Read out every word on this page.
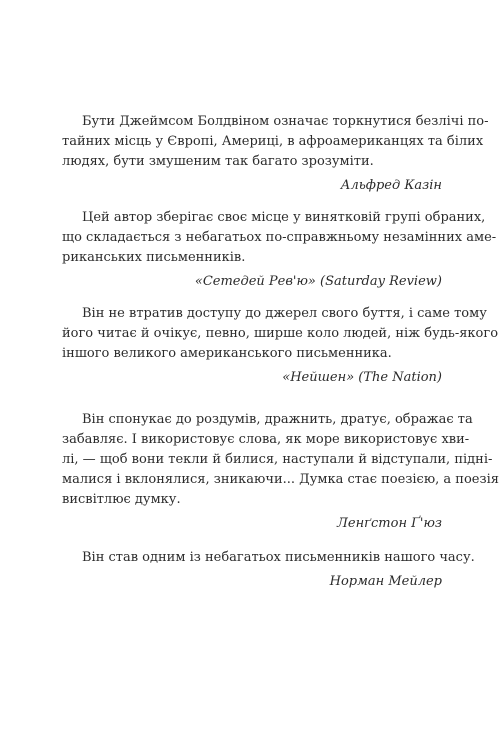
Бути Джеймсом Болдвіном означає торкнутися безлічі по-
тайних місць у Європі, Америці, в афроамериканцях та білих
людях, бути змушеним так багато зрозуміти.
Альфред Казін
Цей автор зберігає своє місце у винятковій групі обраних,
що складається з небагатьох по-справжньому незамінних аме-
риканських письменників.
«Сетедей Рев'ю» (Saturday Review)
Він не втратив доступу до джерел свого буття, і саме тому
його читає й очікує, певно, ширше коло людей, ніж будь-якого
іншого великого американського письменника.
«Нейшен» (The Nation)
Він спонукає до роздумів, дражнить, дратує, ображає та
забавляє. І використовує слова, як море використовує хви-
лі, — щоб вони текли й билися, наступали й відступали, підні-
малися і вклонялися, зникаючи... Думка стає поезією, а поезія
висвітлює думку.
Ленґстон Ґ'юз
Він став одним із небагатьох письменників нашого часу.
Норман Мейлер
